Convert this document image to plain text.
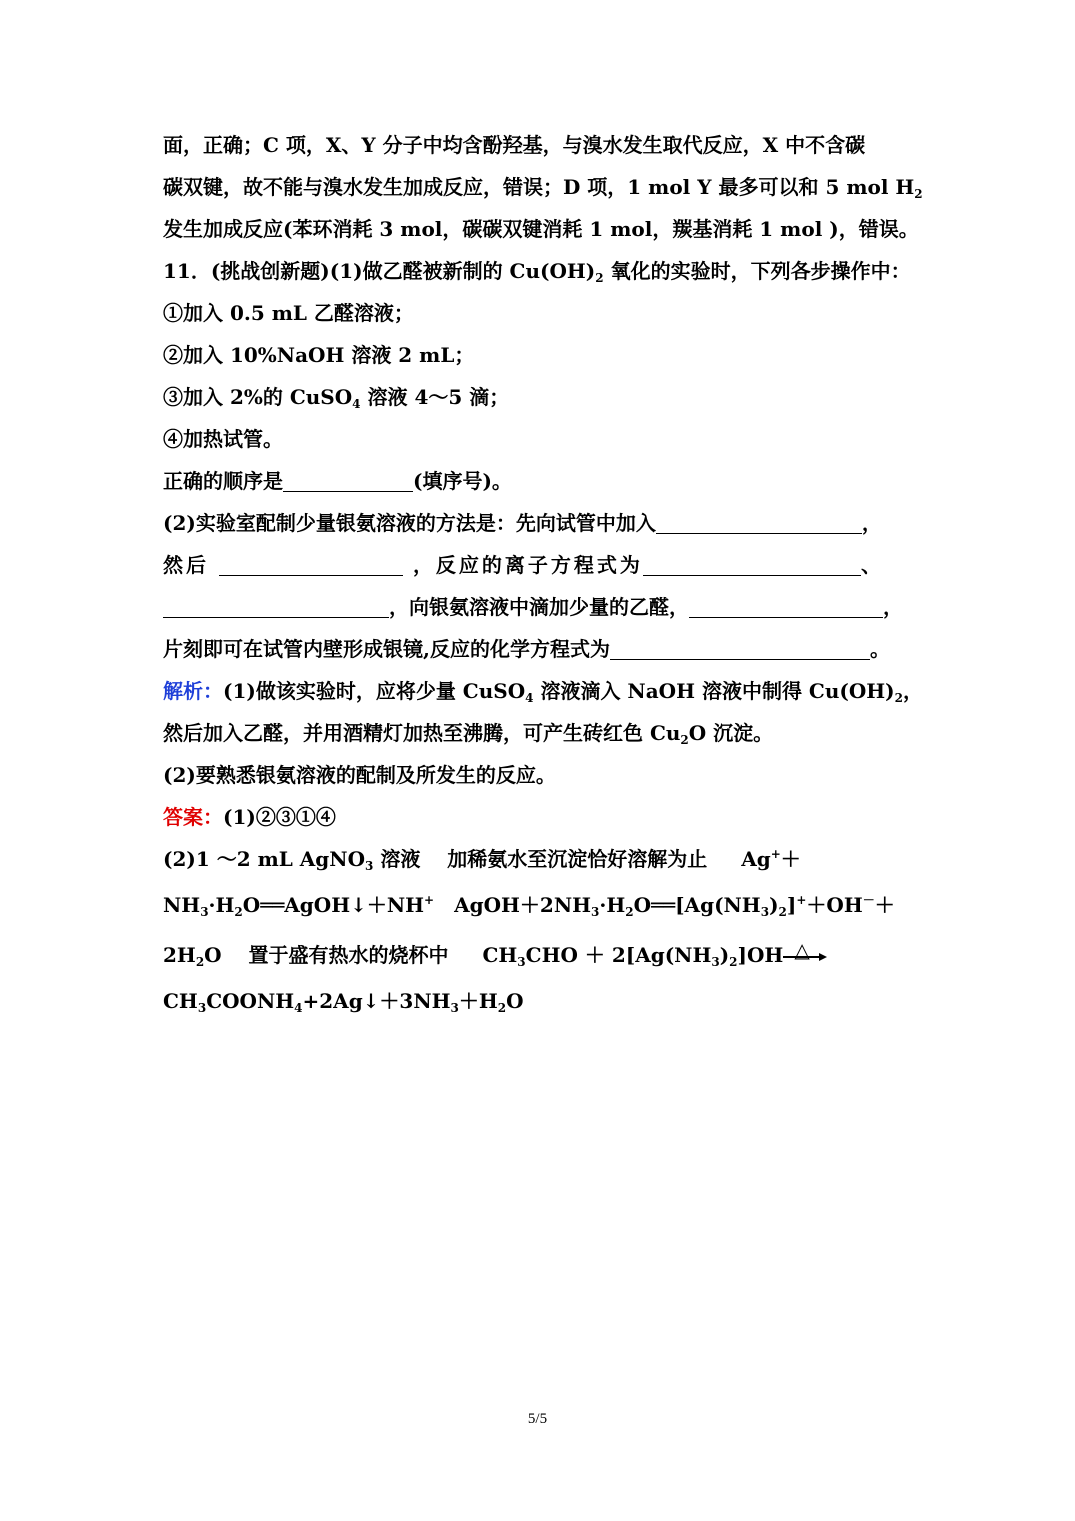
面，正确；C 项，X、Y 分子中均含酚羟基，与溴水发生取代反应，X 中不含碳
碳双键，故不能与溴水发生加成反应，错误；D 项，1 mol Y 最多可以和 5 mol $H_2$
发生加成反应(苯环消耗 3 mol，碳碳双键消耗 1 mol，羰基消耗 1 mol )，错误。
11．(挑战创新题)(1)做乙醛被新制的 $Cu(OH)_2$ 氧化的实验时，下列各步操作中：
①加入 0.5 mL 乙醛溶液；
②加入 10%NaOH 溶液 2 mL；
③加入 2%的 CuSO$_4$ 溶液 4～5 滴；
④加热试管。
正确的顺序是	(填序号)。
(2)实验室配制少量银氨溶液的方法是：先向试管中加入	，
然后	，反应的离子方程式为	、
，向银氨溶液中滴加少量的乙醛，	，
片刻即可在试管内壁形成银镜,反应的化学方程式为	。
解析：(1)做该实验时，应将少量 CuSO$_4$ 溶液滴入 NaOH 溶液中制得 $Cu(OH)_2$，
然后加入乙醛，并用酒精灯加热至沸腾，可产生砖红色 $Cu_2O$ 沉淀。
(2)要熟悉银氨溶液的配制及所发生的反应。
答案：(1)②③①④
(2)1 ～2 mL AgNO$_3$ 溶液　 加稀氨水至沉淀恰好溶解为止 　 Ag+＋
$NH_3\cdot H_2O══AgOH↓+NH^+$　$AgOH+2NH_3\cdot H_2O══[Ag(NH_3)_2]^++OH^-+$
$2H_2O$　 置于盛有热水的烧杯中 　 $CH_3CHO + 2[Ag(NH_3)_2]OH$ △
$CH_3COONH_4+2Ag↓+3NH_3+H_2O$
5/5
